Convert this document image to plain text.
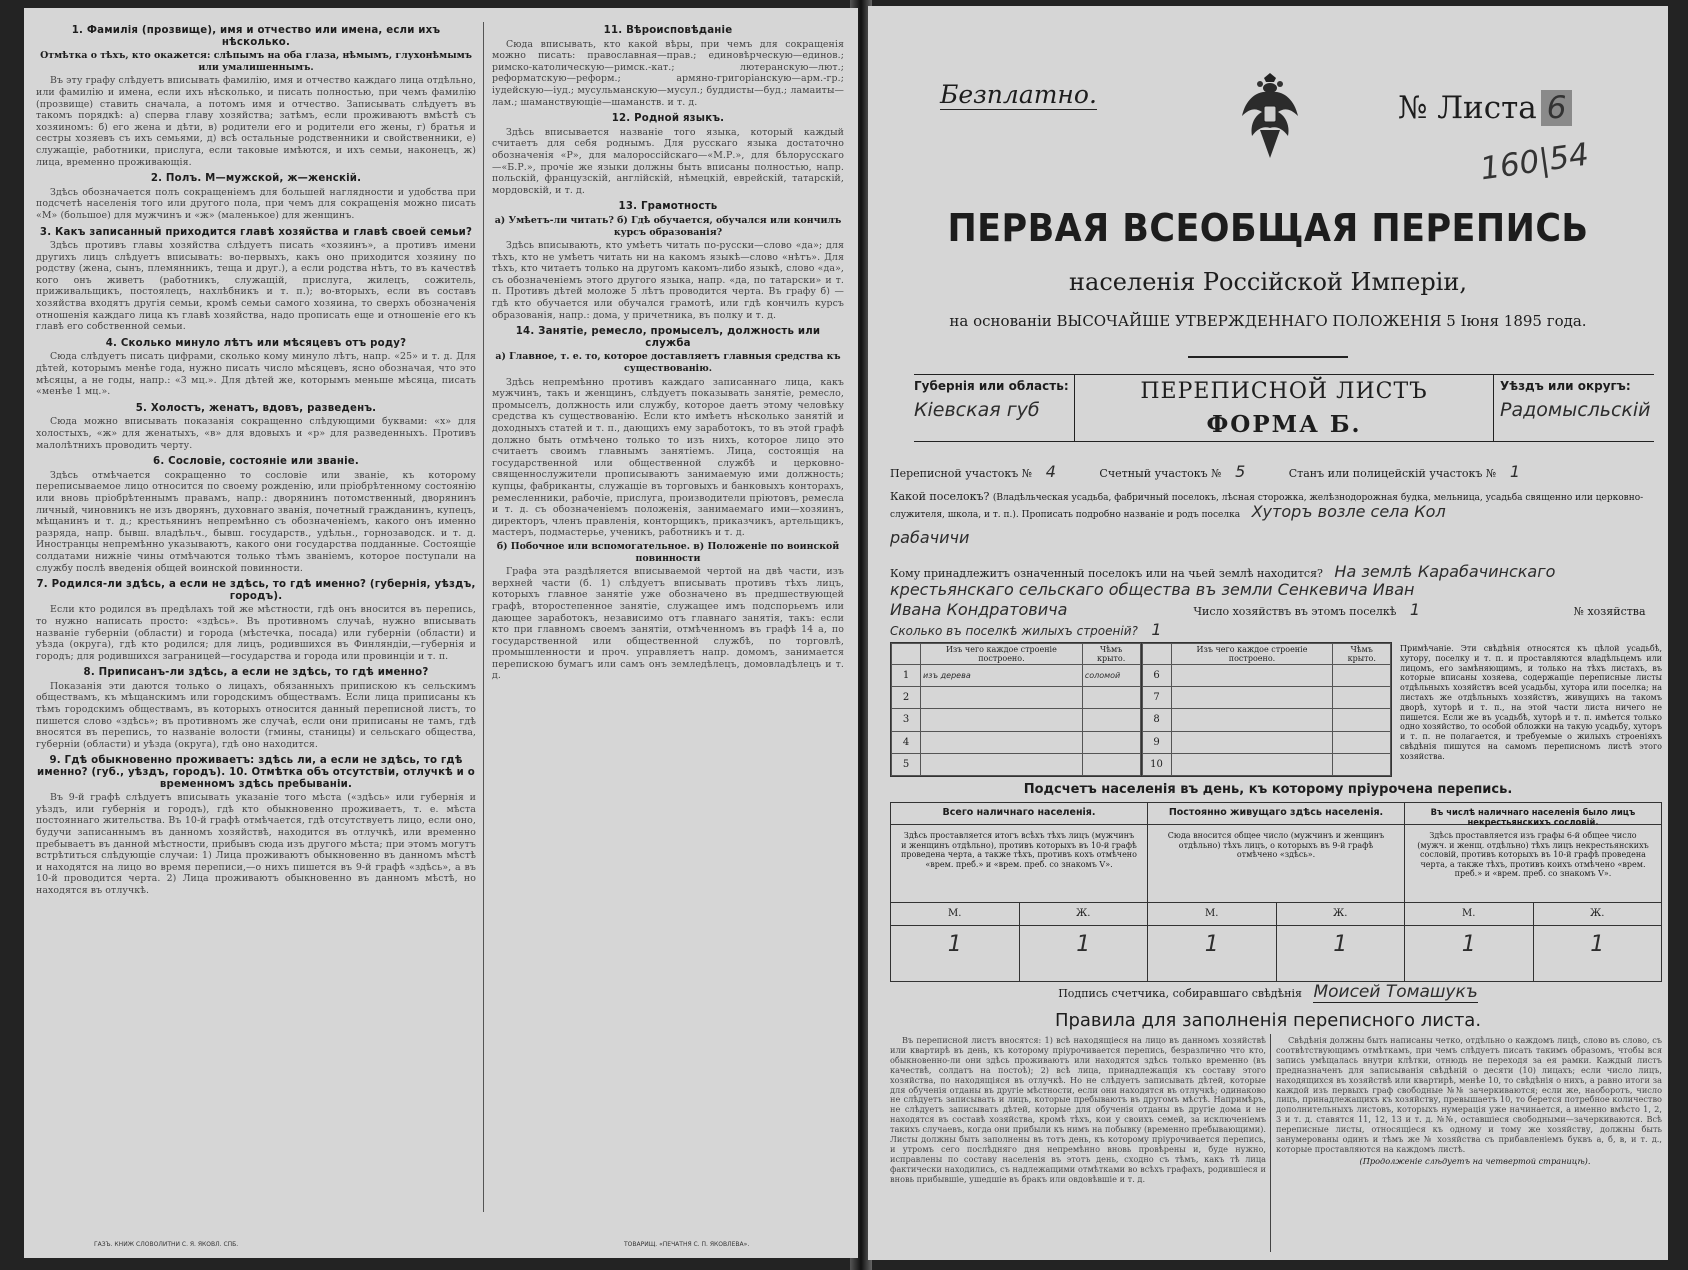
1. Фамилія (прозвище), имя и отчество или имена, если ихъ нѣсколько.

Отмѣтка о тѣхъ, кто окажется: слѣпымъ на оба глаза, нѣмымъ, глухонѣмымъ или умалишеннымъ.

Въ эту графу слѣдуетъ вписывать фамилію, имя и отчество каждаго лица отдѣльно, или фамилію и имена, если ихъ нѣсколько, и писать полностью, при чемъ фамилію (прозвище) ставить сначала, а потомъ имя и отчество. Записывать слѣдуетъ въ такомъ порядкѣ: а) сперва главу хозяйства; затѣмъ, если проживаютъ вмѣстѣ съ хозяиномъ: б) его жена и дѣти, в) родители его и родители его жены, г) братья и сестры хозяевъ съ ихъ семьями, д) всѣ остальные родственники и свойственники, е) служащіе, работники, прислуга, если таковые имѣются, и ихъ семьи, наконецъ, ж) лица, временно проживающія.

2. Полъ. М—мужской, ж—женскій.

Здѣсь обозначается полъ сокращеніемъ для большей наглядности и удобства при подсчетѣ населенія того или другого пола, при чемъ для сокращенія можно писать «М» (большое) для мужчинъ и «ж» (маленькое) для женщинъ.

3. Какъ записанный приходится главѣ хозяйства и главѣ своей семьи?

Здѣсь противъ главы хозяйства слѣдуетъ писать «хозяинъ», а противъ имени другихъ лицъ слѣдуетъ вписывать: во-первыхъ, какъ оно приходится хозяину по родству (жена, сынъ, племянникъ, теща и друг.), а если родства нѣтъ, то въ качествѣ кого онъ живетъ (работникъ, служащій, прислуга, жилецъ, сожитель, приживальщикъ, постоялецъ, нахлѣбникъ и т. п.); во-вторыхъ, если въ составъ хозяйства входятъ другія семьи, кромѣ семьи самого хозяина, то сверхъ обозначенія отношенія каждаго лица къ главѣ хозяйства, надо прописать еще и отношеніе его къ главѣ его собственной семьи.

4. Сколько минуло лѣтъ или мѣсяцевъ отъ роду?

Сюда слѣдуетъ писать цифрами, сколько кому минуло лѣтъ, напр. «25» и т. д. Для дѣтей, которымъ менѣе года, нужно писать число мѣсяцевъ, ясно обозначая, что это мѣсяцы, а не годы, напр.: «3 мц.». Для дѣтей же, которымъ меньше мѣсяца, писать «менѣе 1 мц.».

5. Холостъ, женатъ, вдовъ, разведенъ.

Сюда можно вписывать показанія сокращенно слѣдующими буквами: «х» для холостыхъ, «ж» для женатыхъ, «в» для вдовыхъ и «р» для разведенныхъ. Противъ малолѣтнихъ проводить черту.

6. Сословіе, состояніе или званіе.

Здѣсь отмѣчается сокращенно то сословіе или званіе, къ которому переписываемое лицо относится по своему рожденію, или пріобрѣтенному состоянію или вновь пріобрѣтеннымъ правамъ, напр.: дворянинъ потомственный, дворянинъ личный, чиновникъ не изъ дворянъ, духовнаго званія, почетный гражданинъ, купецъ, мѣщанинъ и т. д.; крестьянинъ непремѣнно съ обозначеніемъ, какого онъ именно разряда, напр. бывш. владѣльч., бывш. государств., удѣльн., горнозаводск. и т. д. Иностранцы непремѣнно указываютъ, какого они государства подданные. Состоящіе солдатами нижніе чины отмѣчаются только тѣмъ званіемъ, которое поступали на службу послѣ введенія общей воинской повинности.

7. Родился-ли здѣсь, а если не здѣсь, то гдѣ именно? (губернія, уѣздъ, городъ).

Если кто родился въ предѣлахъ той же мѣстности, гдѣ онъ вносится въ перепись, то нужно написать просто: «здѣсь». Въ противномъ случаѣ, нужно вписывать названіе губерніи (области) и города (мѣстечка, посада) или губерніи (области) и уѣзда (округа), гдѣ кто родился; для лицъ, родившихся въ Финляндіи,—губернія и городъ; для родившихся заграницей—государства и города или провинціи и т. п.

8. Приписанъ-ли здѣсь, а если не здѣсь, то гдѣ именно?

Показанія эти даются только о лицахъ, обязанныхъ припискою къ сельскимъ обществамъ, къ мѣщанскимъ или городскимъ обществамъ. Если лица приписаны къ тѣмъ городскимъ обществамъ, въ которыхъ относится данный переписной листъ, то пишется слово «здѣсь»; въ противномъ же случаѣ, если они приписаны не тамъ, гдѣ вносятся въ перепись, то названіе волости (гмины, станицы) и сельскаго общества, губерніи (области) и уѣзда (округа), гдѣ оно находится.

9. Гдѣ обыкновенно проживаетъ: здѣсь ли, а если не здѣсь, то гдѣ именно? (губ., уѣздъ, городъ). 10. Отмѣтка объ отсутствіи, отлучкѣ и о временномъ здѣсь пребываніи.

Въ 9-й графѣ слѣдуетъ вписывать указаніе того мѣста («здѣсь» или губернія и уѣздъ, или губернія и городъ), гдѣ кто обыкновенно проживаетъ, т. е. мѣста постояннаго жительства. Въ 10-й графѣ отмѣчается, гдѣ отсутствуетъ лицо, если оно, будучи записаннымъ въ данномъ хозяйствѣ, находится въ отлучкѣ, или временно пребываетъ въ данной мѣстности, прибывъ сюда изъ другого мѣста; при этомъ могутъ встрѣтиться слѣдующіе случаи: 1) Лица проживаютъ обыкновенно въ данномъ мѣстѣ и находятся на лицо во время переписи,—о нихъ пишется въ 9-й графѣ «здѣсь», а въ 10-й проводится черта. 2) Лица проживаютъ обыкновенно въ данномъ мѣстѣ, но находятся въ отлучкѣ.

11. Вѣроисповѣданіе

Сюда вписывать, кто какой вѣры, при чемъ для сокращенія можно писать: православная—прав.; единовѣрческую—единов.; римско-католическую—римск.-кат.; лютеранскую—лют.; реформатскую—реформ.; армяно-григоріанскую—арм.-гр.; іудейскую—іуд.; мусульманскую—мусул.; буддисты—буд.; ламаиты—лам.; шаманствующіе—шаманств. и т. д.

12. Родной языкъ.

Здѣсь вписывается названіе того языка, который каждый считаетъ для себя роднымъ. Для русскаго языка достаточно обозначенія «Р», для малороссійскаго—«М.Р.», для бѣлорусскаго—«Б.Р.», прочіе же языки должны быть вписаны полностью, напр. польскій, французскій, англійскій, нѣмецкій, еврейскій, татарскій, мордовскій, и т. д.

13. Грамотность

а) Умѣетъ-ли читать? б) Гдѣ обучается, обучался или кончилъ курсъ образованія?

Здѣсь вписывають, кто умѣетъ читать по-русски—слово «да»; для тѣхъ, кто не умѣетъ читать ни на какомъ языкѣ—слово «нѣтъ». Для тѣхъ, кто читаетъ только на другомъ какомъ-либо языкѣ, слово «да», съ обозначеніемъ этого другого языка, напр. «да, по татарски» и т. п. Противъ дѣтей моложе 5 лѣтъ проводится черта. Въ графу б) —гдѣ кто обучается или обучался грамотѣ, или гдѣ кончилъ курсъ образованія, напр.: дома, у причетника, въ полку и т. д.

14. Занятіе, ремесло, промыселъ, должность или служба

а) Главное, т. е. то, которое доставляетъ главныя средства къ существованію.

Здѣсь непремѣнно противъ каждаго записаннаго лица, какъ мужчинъ, такъ и женщинъ, слѣдуетъ показывать занятіе, ремесло, промыселъ, должность или службу, которое даетъ этому человѣку средства къ существованію. Если кто имѣетъ нѣсколько занятій и доходныхъ статей и т. п., дающихъ ему заработокъ, то въ этой графѣ должно быть отмѣчено только то изъ нихъ, которое лицо это считаетъ своимъ главнымъ занятіемъ. Лица, состоящія на государственной или общественной службѣ и церковно-священнослужители прописываютъ занимаемую ими должность; купцы, фабриканты, служащіе въ торговыхъ и банковыхъ конторахъ, ремесленники, рабочіе, прислуга, производители пріютовъ, ремесла и т. д. съ обозначеніемъ положенія, занимаемаго ими—хозяинъ, директоръ, членъ правленія, конторщикъ, приказчикъ, артельщикъ, мастеръ, подмастерье, ученикъ, работникъ и т. д.

б) Побочное или вспомогательное. в) Положеніе по воинской повинности

Графа эта раздѣляется вписываемой чертой на двѣ части, изъ верхней части (б. 1) слѣдуетъ вписывать противъ тѣхъ лицъ, которыхъ главное занятіе уже обозначено въ предшествующей графѣ, второстепенное занятіе, служащее имъ подспорьемъ или дающее заработокъ, независимо отъ главнаго занятія, такъ: если кто при главномъ своемъ занятіи, отмѣченномъ въ графѣ 14 а, по государственной или общественной службѣ, по торговлѣ, промышленности и проч. управляетъ напр. домомъ, занимается перепискою бумагъ или самъ онъ земледѣлецъ, домовладѣлецъ и т. д.

ГАЗЪ. КНИЖ СЛОВОЛИТНИ С. Я. ЯКОВЛ. СПБ.	ТОВАРИЩ. «ПЕЧАТНЯ С. П. ЯКОВЛЕВА».
Безплатно.	№ Листа 6
160|54
ПЕРВАЯ ВСЕОБЩАЯ ПЕРЕПИСЬ
населенія Россійской Имперіи,
на основаніи ВЫСОЧАЙШЕ УТВЕРЖДЕННАГО ПОЛОЖЕНІЯ 5 Іюня 1895 года.
Губернія или область:
Кіевская губ
ПЕРЕПИСНОЙ ЛИСТЪ
ФОРМА Б.
Уѣздъ или округъ:
Радомысльскій
Переписной участокъ № 4	Счетный участокъ № 5	Станъ или полицейскій участокъ № 1
Какой поселокъ? (Владѣльческая усадьба, фабричный поселокъ, лѣсная сторожка, желѣзнодорожная будка, мельница, усадьба священно или церковно-служителя, школа, и т. п.). Прописать подробно названіе и родъ поселка Хуторъ возле села Кол
рабачичи
Кому принадлежитъ означенный поселокъ или на чьей землѣ находится? На землѣ Карабачинскаго
крестьянскаго сельскаго общества въ земли Сенкевича Иван
Ивана Кондратовича	Число хозяйствъ въ этомъ поселкѣ 1	№ хозяйства
Сколько въ поселкѣ жилыхъ строеній? 1
	Изъ чего каждое строеніе построено.	Чѣмъ крыто.
1	изъ дерева	соломой
2		
3		
4		
5		
	Изъ чего каждое строеніе построено.	Чѣмъ крыто.
6		
7		
8		
9		
10		
Примѣчаніе. Эти свѣдѣнія относятся къ цѣлой усадьбѣ, хутору, поселку и т. п. и проставляются владѣльцемъ или лицомъ, его замѣняющимъ, и только на тѣхъ листахъ, въ которые вписаны хозяева, содержащіе переписные листы отдѣльныхъ хозяйствъ всей усадьбы, хутора или поселка; на листахъ же отдѣльныхъ хозяйствъ, живущихъ на такомъ дворѣ, хуторѣ и т. п., на этой части листа ничего не пишется. Если же въ усадьбѣ, хуторѣ и т. п. имѣется только одно хозяйство, то особой обложки на такую усадьбу, хуторъ и т. п. не полагается, и требуемые о жилыхъ строеніяхъ свѣдѣнія пишутся на самомъ переписномъ листѣ этого хозяйства.
Подсчетъ населенія въ день, къ которому пріурочена перепись.
Всего наличнаго населенія.
Здѣсь проставляется итогъ всѣхъ тѣхъ лицъ (мужчинъ и женщинъ отдѣльно), противъ которыхъ въ 10-й графѣ проведена черта, а также тѣхъ, противъ кохъ отмѣчено «врем. преб.» и «врем. преб. со знакомъ V».
М.	Ж.
1	1
Постоянно живущаго здѣсь населенія.
Сюда вносится общее число (мужчинъ и женщинъ отдѣльно) тѣхъ лицъ, о которыхъ въ 9-й графѣ отмѣчено «здѣсь».
М.	Ж.
1	1
Въ числѣ наличнаго населенія было лицъ некрестьянскихъ сословій.
Здѣсь проставляется изъ графы 6-й общее число (мужч. и женщ. отдѣльно) тѣхъ лицъ некрестьянскихъ сословій, противъ которыхъ въ 10-й графѣ проведена черта, а также тѣхъ, противъ коихъ отмѣчено «врем. преб.» и «врем. преб. со знакомъ V».
М.	Ж.
1	1
Подпись счетчика, собиравшаго свѣдѣнія Моисей Томашукъ
Правила для заполненія переписного листа.

Въ переписной листъ вносятся: 1) всѣ находящіеся на лицо въ данномъ хозяйствѣ или квартирѣ въ день, къ которому пріурочивается перепись, безразлично что кто, обыкновенно-ли они здѣсь проживаютъ или находятся здѣсь только временно (въ качествѣ, солдатъ на постоѣ); 2) всѣ лица, принадлежащія къ составу этого хозяйства, по находящіяся въ отлучкѣ. Но не слѣдуетъ записывать дѣтей, которые для обученія отданы въ другіе мѣстности, если они находятся въ отлучкѣ; одинаково не слѣдуетъ записывать и лицъ, которые пребываютъ въ другомъ мѣстѣ. Напримѣръ, не слѣдуетъ записывать дѣтей, которые для обученія отданы въ другіе дома и не находятся въ составѣ хозяйства, кромѣ тѣхъ, кои у своихъ семей, за исключеніемъ такихъ случаевъ, когда они прибыли къ нимъ на побывку (временно пребывающими). Листы должны быть заполнены въ тотъ день, къ которому пріурочивается перепись, и утромъ сего послѣдняго дня непремѣнно вновь провѣрены и, буде нужно, исправлены по составу населенія въ этотъ день, сходно съ тѣмъ, какъ тѣ лица фактически находились, съ надлежащими отмѣтками во всѣхъ графахъ, родившіеся и вновь прибывшіе, ушедшіе въ бракъ или овдовѣвшіе и т. д.

Свѣдѣнія должны быть написаны четко, отдѣльно о каждомъ лицѣ, слово въ слово, съ соотвѣтствующимъ отмѣткамъ, при чемъ слѣдуетъ писать такимъ образомъ, чтобы вся запись умѣщалась внутри клѣтки, отнюдь не переходя за ея рамки. Каждый листъ предназначенъ для записыванія свѣдѣній о десяти (10) лицахъ; если число лицъ, находящихся въ хозяйствѣ или квартирѣ, менѣе 10, то свѣдѣнія о нихъ, а равно итоги за каждой изъ первыхъ граф свободные №№ зачеркиваются; если же, наоборотъ, число лицъ, принадлежащихъ къ хозяйству, превышаетъ 10, то берется потребное количество дополнительныхъ листовъ, которыхъ нумерація уже начинается, а именно вмѣсто 1, 2, 3 и т. д. ставятся 11, 12, 13 и т. д. №№, оставшіеся свободными—зачеркиваются. Всѣ переписные листы, относящіеся къ одному и тому же хозяйству, должны быть занумерованы одинъ и тѣмъ же № хозяйства съ прибавленіемъ буквъ а, б, в, и т. д., которые проставляются на каждомъ листѣ.

(Продолженіе слѣдуетъ на четвертой страницѣ).
